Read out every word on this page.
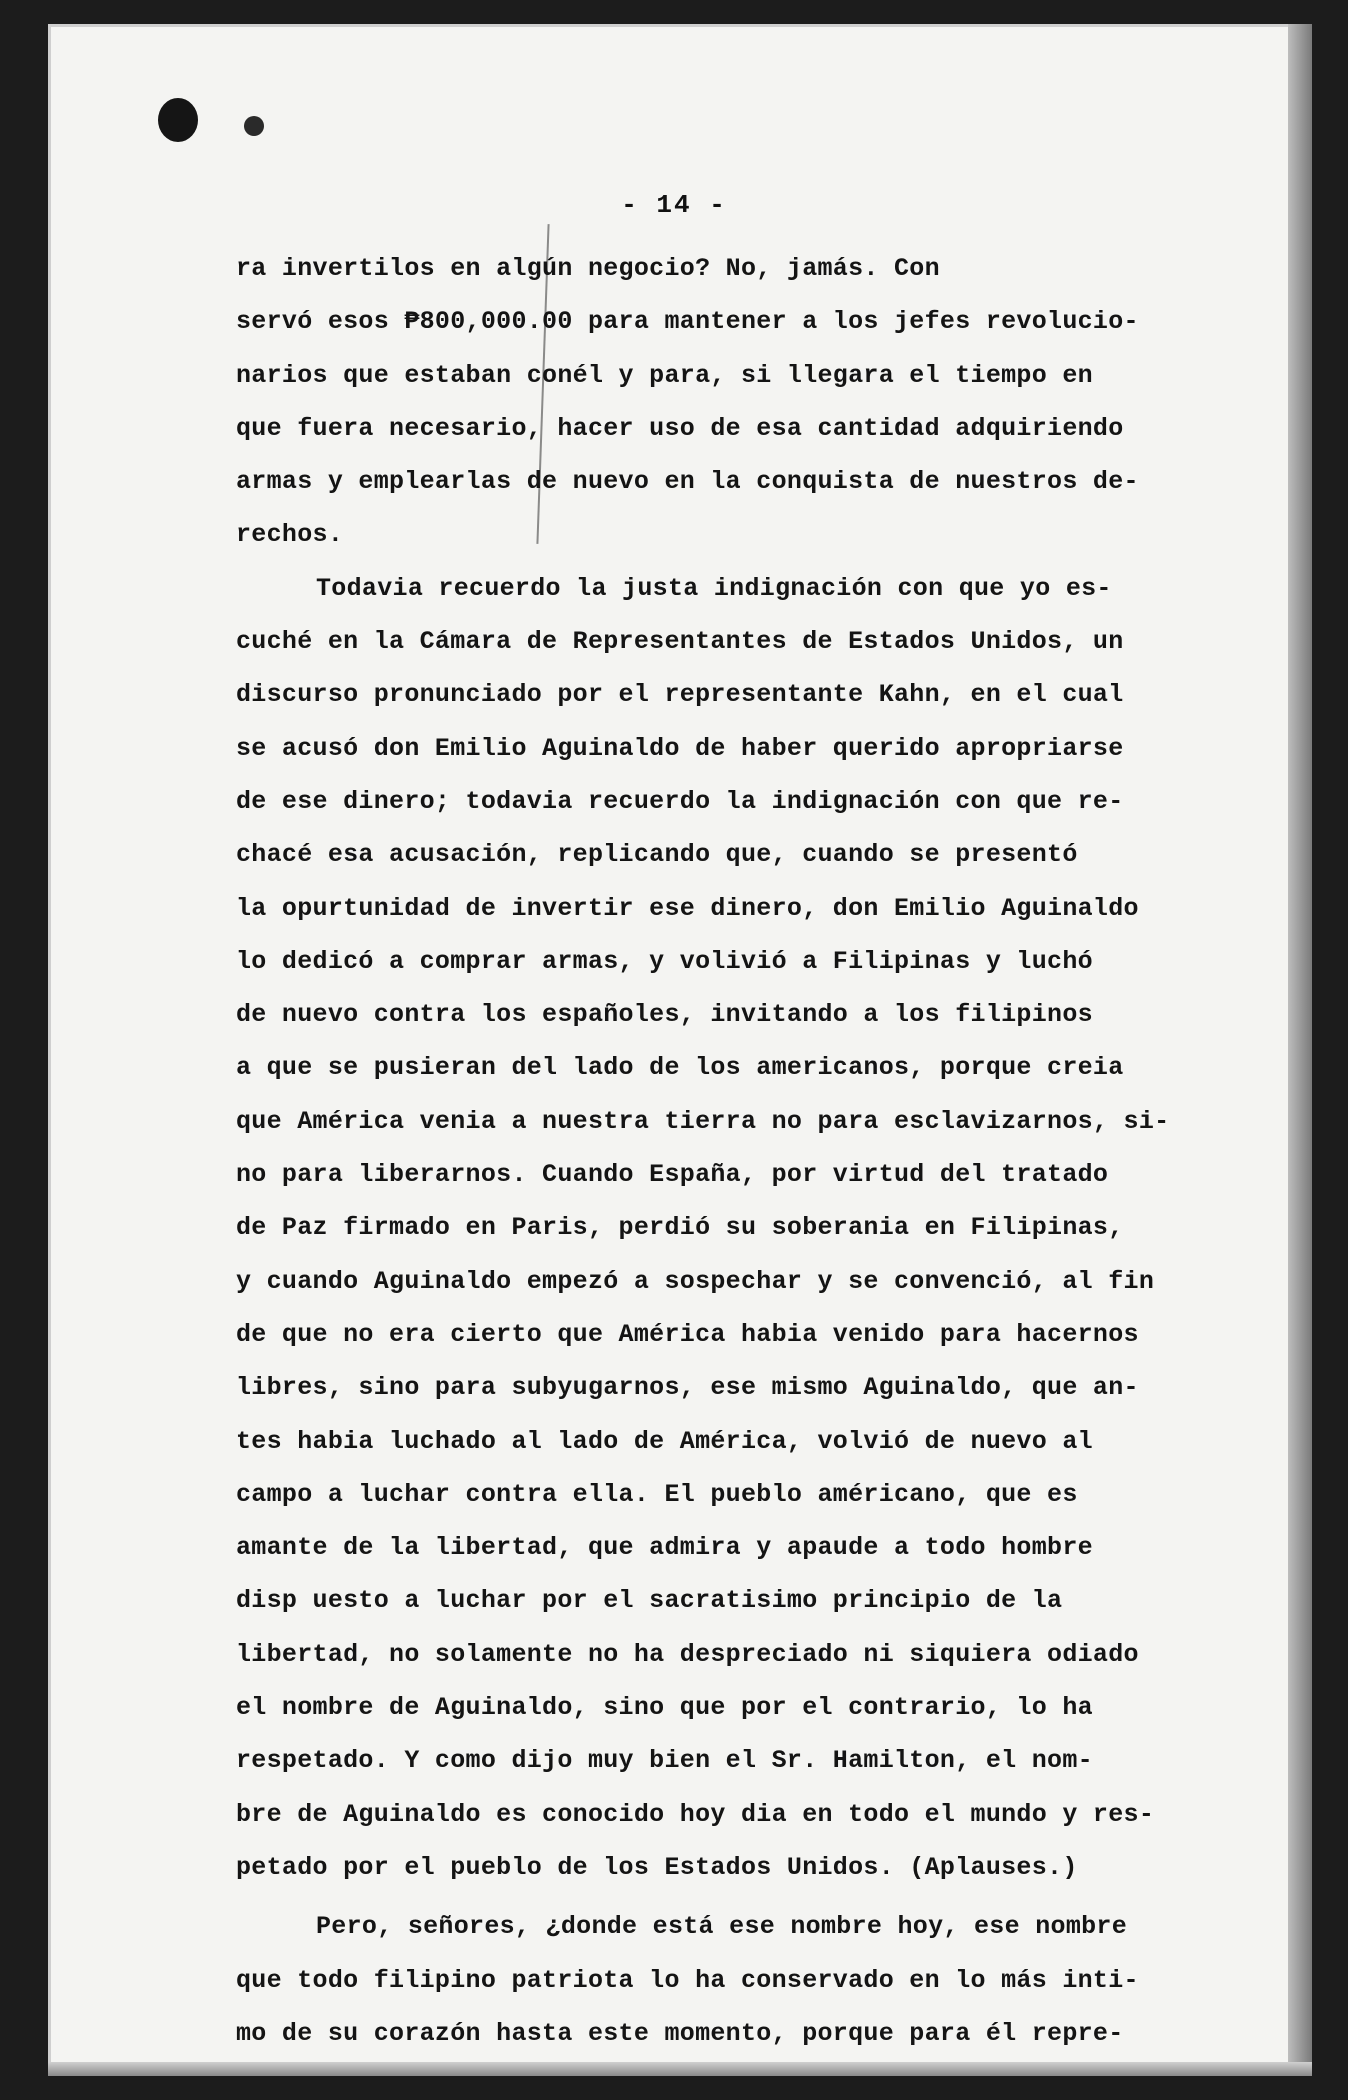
- 14 -
ra invertilos en algún negocio? No, jamás. Con
servó esos ₱800,000.00 para mantener a los jefes revolucio-
narios que estaban conél y para, si llegara el tiempo en
que fuera necesario, hacer uso de esa cantidad adquiriendo
armas y emplearlas de nuevo en la conquista de nuestros de-
rechos.
Todavia recuerdo la justa indignación con que yo es-
cuché en la Cámara de Representantes de Estados Unidos, un
discurso pronunciado por el representante Kahn, en el cual
se acusó don Emilio Aguinaldo de haber querido apropriarse
de ese dinero; todavia recuerdo la indignación con que re-
chacé esa acusación, replicando que, cuando se presentó
la opurtunidad de invertir ese dinero, don Emilio Aguinaldo
lo dedicó a comprar armas, y volivió a Filipinas y luchó
de nuevo contra los españoles, invitando a los filipinos
a que se pusieran del lado de los americanos, porque creia
que América venia a nuestra tierra no para esclavizarnos, si-
no para liberarnos. Cuando España, por virtud del tratado
de Paz firmado en Paris, perdió su soberania en Filipinas,
y cuando Aguinaldo empezó a sospechar y se convenció, al fin
de que no era cierto que América habia venido para hacernos
libres, sino para subyugarnos, ese mismo Aguinaldo, que an-
tes habia luchado al lado de América, volvió de nuevo al
campo a luchar contra ella. El pueblo américano, que es
amante de la libertad, que admira y apaude a todo hombre
disp uesto a luchar por el sacratisimo principio de la
libertad, no solamente no ha despreciado ni siquiera odiado
el nombre de Aguinaldo, sino que por el contrario, lo ha
respetado. Y como dijo muy bien el Sr. Hamilton, el nom-
bre de Aguinaldo es conocido hoy dia en todo el mundo y res-
petado por el pueblo de los Estados Unidos. (Aplauses.)
Pero, señores, ¿donde está ese nombre hoy, ese nombre
que todo filipino patriota lo ha conservado en lo más inti-
mo de su corazón hasta este momento, porque para él repre-
